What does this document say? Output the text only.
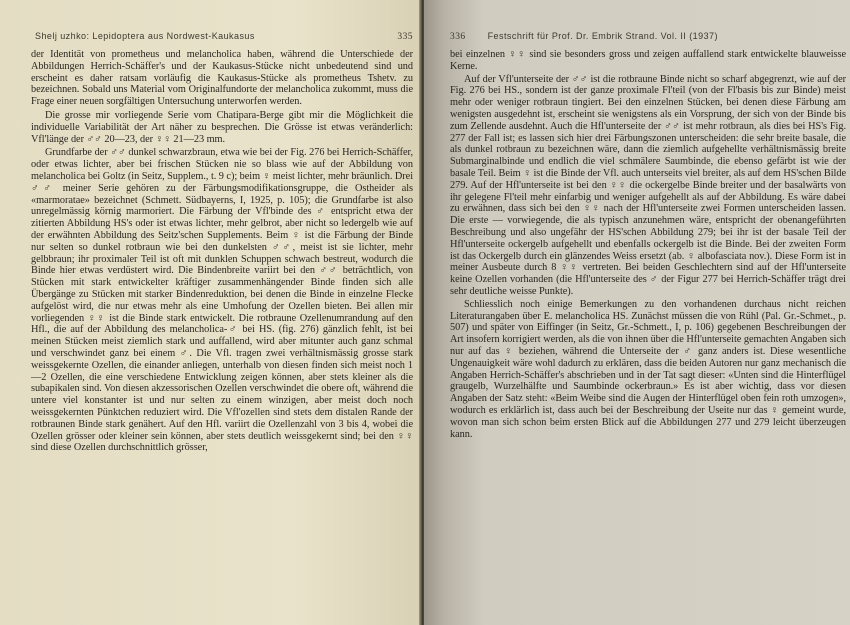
Shelj uzhko: Lepidoptera aus Nordwest-Kaukasus	335

der Identität von prometheus und melancholica haben, während die Unterschiede der Abbildungen Herrich-Schäffer's und der Kaukasus-Stücke nicht unbedeutend sind und erscheint es daher ratsam vorläufig die Kaukasus-Stücke als prometheus Tshetv. zu bezeichnen. Sobald uns Material vom Originalfundorte der melancholica zukommt, muss die Frage einer neuen sorgfältigen Untersuchung unterworfen werden.

Die grosse mir vorliegende Serie vom Chatipara-Berge gibt mir die Möglichkeit die individuelle Variabilität der Art näher zu besprechen. Die Grösse ist etwas veränderlich: Vfl'länge der ♂♂ 20—23, der ♀♀ 21—23 mm.

Grundfarbe der ♂♂ dunkel schwarzbraun, etwa wie bei der Fig. 276 bei Herrich-Schäffer, oder etwas lichter, aber bei frischen Stücken nie so blass wie auf der Abbildung von melancholica bei Goltz (in Seitz, Supplem., t. 9 c); beim ♀ meist lichter, mehr bräunlich. Drei ♂♂ meiner Serie gehören zu der Färbungsmodifikationsgruppe, die Ostheider als «marmoratae» bezeichnet (Schmett. Südbayerns, I, 1925, p. 105); die Grundfarbe ist also unregelmässig körnig marmoriert. Die Färbung der Vfl'binde des ♂ entspricht etwa der zitierten Abbildung HS's oder ist etwas lichter, mehr gelbrot, aber nicht so ledergelb wie auf der erwähnten Abbildung des Seitz'schen Supplements. Beim ♀ ist die Färbung der Binde nur selten so dunkel rotbraun wie bei den dunkelsten ♂♂, meist ist sie lichter, mehr gelbbraun; ihr proximaler Teil ist oft mit dunklen Schuppen schwach bestreut, wodurch die Binde hier etwas verdüstert wird. Die Bindenbreite variirt bei den ♂♂ beträchtlich, von Stücken mit stark entwickelter kräftiger zusammenhängender Binde finden sich alle Übergänge zu Stücken mit starker Bindenreduktion, bei denen die Binde in einzelne Flecke aufgelöst wird, die nur etwas mehr als eine Umhofung der Ozellen bieten. Bei allen mir vorliegenden ♀♀ ist die Binde stark entwickelt. Die rotbraune Ozellenumrandung auf den Hfl., die auf der Abbildung des melancholica-♂ bei HS. (fig. 276) gänzlich fehlt, ist bei meinen Stücken meist ziemlich stark und auffallend, wird aber mitunter auch ganz schmal und verschwindet ganz bei einem ♂. Die Vfl. tragen zwei verhältnismässig grosse stark weissgekernte Ozellen, die einander anliegen, unterhalb von diesen finden sich meist noch 1—2 Ozellen, die eine verschiedene Entwicklung zeigen können, aber stets kleiner als die subapikalen sind. Von diesen akzessorischen Ozellen verschwindet die obere oft, während die untere viel konstanter ist und nur selten zu einem winzigen, aber meist doch noch weissgekernten Pünktchen reduziert wird. Die Vfl'ozellen sind stets dem distalen Rande der rotbraunen Binde stark genähert. Auf den Hfl. variirt die Ozellenzahl von 3 bis 4, wobei die Ozellen grösser oder kleiner sein können, aber stets deutlich weissgekernt sind; bei den ♀♀ sind diese Ozellen durchschnittlich grösser,

336	Festschrift für Prof. Dr. Embrik Strand. Vol. II (1937)

bei einzelnen ♀♀ sind sie besonders gross und zeigen auffallend stark entwickelte blauweisse Kerne.

Auf der Vfl'unterseite der ♂♂ ist die rotbraune Binde nicht so scharf abgegrenzt, wie auf der Fig. 276 bei HS., sondern ist der ganze proximale Fl'teil (von der Fl'basis bis zur Binde) meist mehr oder weniger rotbraun tingiert. Bei den einzelnen Stücken, bei denen diese Färbung am wenigsten ausgedehnt ist, erscheint sie wenigstens als ein Vorsprung, der sich von der Binde bis zum Zellende ausdehnt. Auch die Hfl'unterseite der ♂♂ ist mehr rotbraun, als dies bei HS's Fig. 277 der Fall ist; es lassen sich hier drei Färbungszonen unterscheiden: die sehr breite basale, die als dunkel rotbraun zu bezeichnen wäre, dann die ziemlich aufgehellte verhältnismässig breite Submarginalbinde und endlich die viel schmälere Saumbinde, die ebenso gefärbt ist wie der basale Teil. Beim ♀ ist die Binde der Vfl. auch unterseits viel breiter, als auf dem HS'schen Bilde 279. Auf der Hfl'unterseite ist bei den ♀♀ die ockergelbe Binde breiter und der basalwärts von ihr gelegene Fl'teil mehr einfarbig und weniger aufgehellt als auf der Abbildung. Es wäre dabei zu erwähnen, dass sich bei den ♀♀ nach der Hfl'unterseite zwei Formen unterscheiden lassen. Die erste — vorwiegende, die als typisch anzunehmen wäre, entspricht der obenangeführten Beschreibung und also ungefähr der HS'schen Abbildung 279; bei ihr ist der basale Teil der Hfl'unterseite ockergelb aufgehellt und ebenfalls ockergelb ist die Binde. Bei der zweiten Form ist das Ockergelb durch ein glänzendes Weiss ersetzt (ab. ♀ albofasciata nov.). Diese Form ist in meiner Ausbeute durch 8 ♀♀ vertreten. Bei beiden Geschlechtern sind auf der Hfl'unterseite keine Ozellen vorhanden (die Hfl'unterseite des ♂ der Figur 277 bei Herrich-Schäffer trägt drei sehr deutliche weisse Punkte).

Schliesslich noch einige Bemerkungen zu den vorhandenen durchaus nicht reichen Literaturangaben über E. melancholica HS. Zunächst müssen die von Rühl (Pal. Gr.-Schmet., p. 507) und später von Eiffinger (in Seitz, Gr.-Schmett., I, p. 106) gegebenen Beschreibungen der Art insofern korrigiert werden, als die von ihnen über die Hfl'unterseite gemachten Angaben sich nur auf das ♀ beziehen, während die Unterseite der ♂ ganz anders ist. Diese wesentliche Ungenauigkeit wäre wohl dadurch zu erklären, dass die beiden Autoren nur ganz mechanisch die Angaben Herrich-Schäffer's abschrieben und in der Tat sagt dieser: «Unten sind die Hinterflügel graugelb, Wurzelhälfte und Saumbinde ockerbraun.» Es ist aber wichtig, dass vor diesen Angaben der Satz steht: «Beim Weibe sind die Augen der Hinterflügel oben fein roth umzogen», wodurch es erklärlich ist, dass auch bei der Beschreibung der Useite nur das ♀ gemeint wurde, wovon man sich schon beim ersten Blick auf die Abbildungen 277 und 279 leicht überzeugen kann.
